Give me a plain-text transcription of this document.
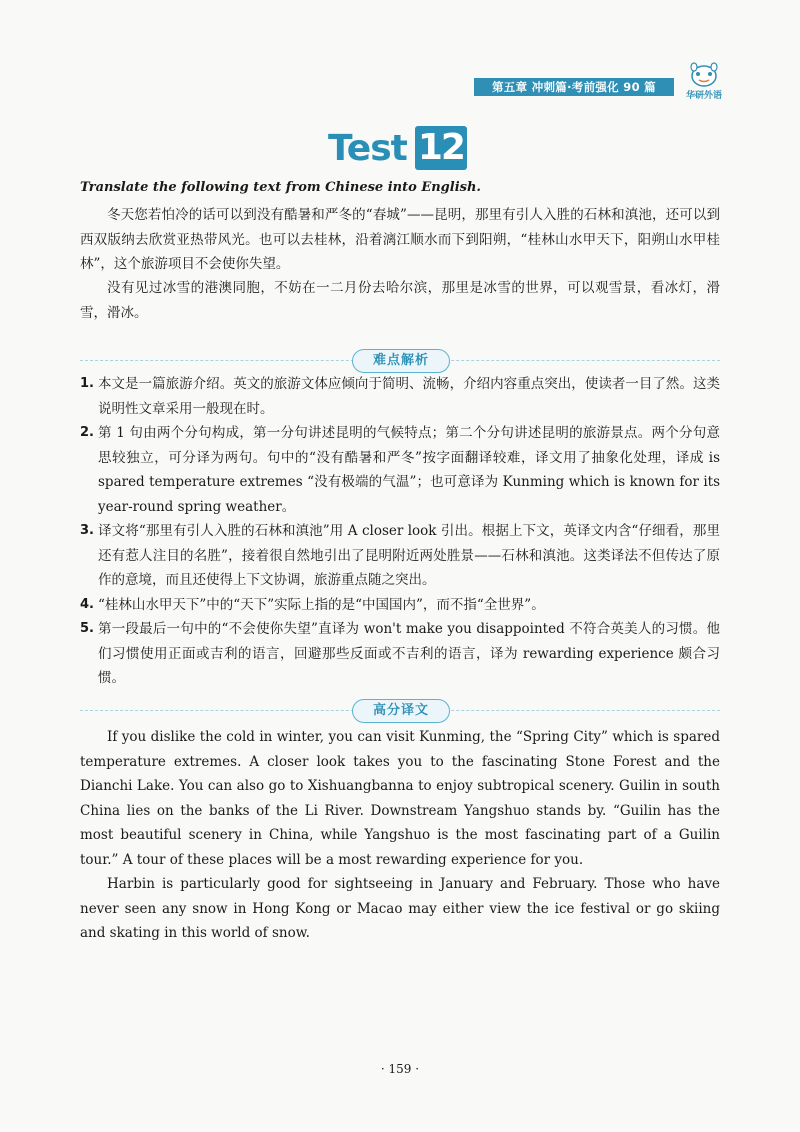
第五章 冲刺篇·考前强化 90 篇
华研外语
Test 12
Translate the following text from Chinese into English.

冬天您若怕冷的话可以到没有酷暑和严冬的“春城”——昆明，那里有引人入胜的石林和滇池，还可以到西双版纳去欣赏亚热带风光。也可以去桂林，沿着漓江顺水而下到阳朔，“桂林山水甲天下，阳朔山水甲桂林”，这个旅游项目不会使你失望。

没有见过冰雪的港澳同胞，不妨在一二月份去哈尔滨，那里是冰雪的世界，可以观雪景，看冰灯，滑雪，滑冰。

难点解析
1. 本文是一篇旅游介绍。英文的旅游文体应倾向于简明、流畅，介绍内容重点突出，使读者一目了然。这类说明性文章采用一般现在时。
2. 第 1 句由两个分句构成，第一分句讲述昆明的气候特点；第二个分句讲述昆明的旅游景点。两个分句意思较独立，可分译为两句。句中的“没有酷暑和严冬”按字面翻译较难，译文用了抽象化处理，译成 is spared temperature extremes “没有极端的气温”；也可意译为 Kunming which is known for its year-round spring weather。
3. 译文将“那里有引人入胜的石林和滇池”用 A closer look 引出。根据上下文，英译文内含“仔细看，那里还有惹人注目的名胜”，接着很自然地引出了昆明附近两处胜景——石林和滇池。这类译法不但传达了原作的意境，而且还使得上下文协调，旅游重点随之突出。
4. “桂林山水甲天下”中的“天下”实际上指的是“中国国内”，而不指“全世界”。
5. 第一段最后一句中的“不会使你失望”直译为 won't make you disappointed 不符合英美人的习惯。他们习惯使用正面或吉利的语言，回避那些反面或不吉利的语言，译为 rewarding experience 颇合习惯。
高分译文

If you dislike the cold in winter, you can visit Kunming, the “Spring City” which is spared temperature extremes. A closer look takes you to the fascinating Stone Forest and the Dianchi Lake. You can also go to Xishuangbanna to enjoy subtropical scenery. Guilin in south China lies on the banks of the Li River. Downstream Yangshuo stands by. “Guilin has the most beautiful scenery in China, while Yangshuo is the most fascinating part of a Guilin tour.” A tour of these places will be a most rewarding experience for you.

Harbin is particularly good for sightseeing in January and February. Those who have never seen any snow in Hong Kong or Macao may either view the ice festival or go skiing and skating in this world of snow.

· 159 ·
